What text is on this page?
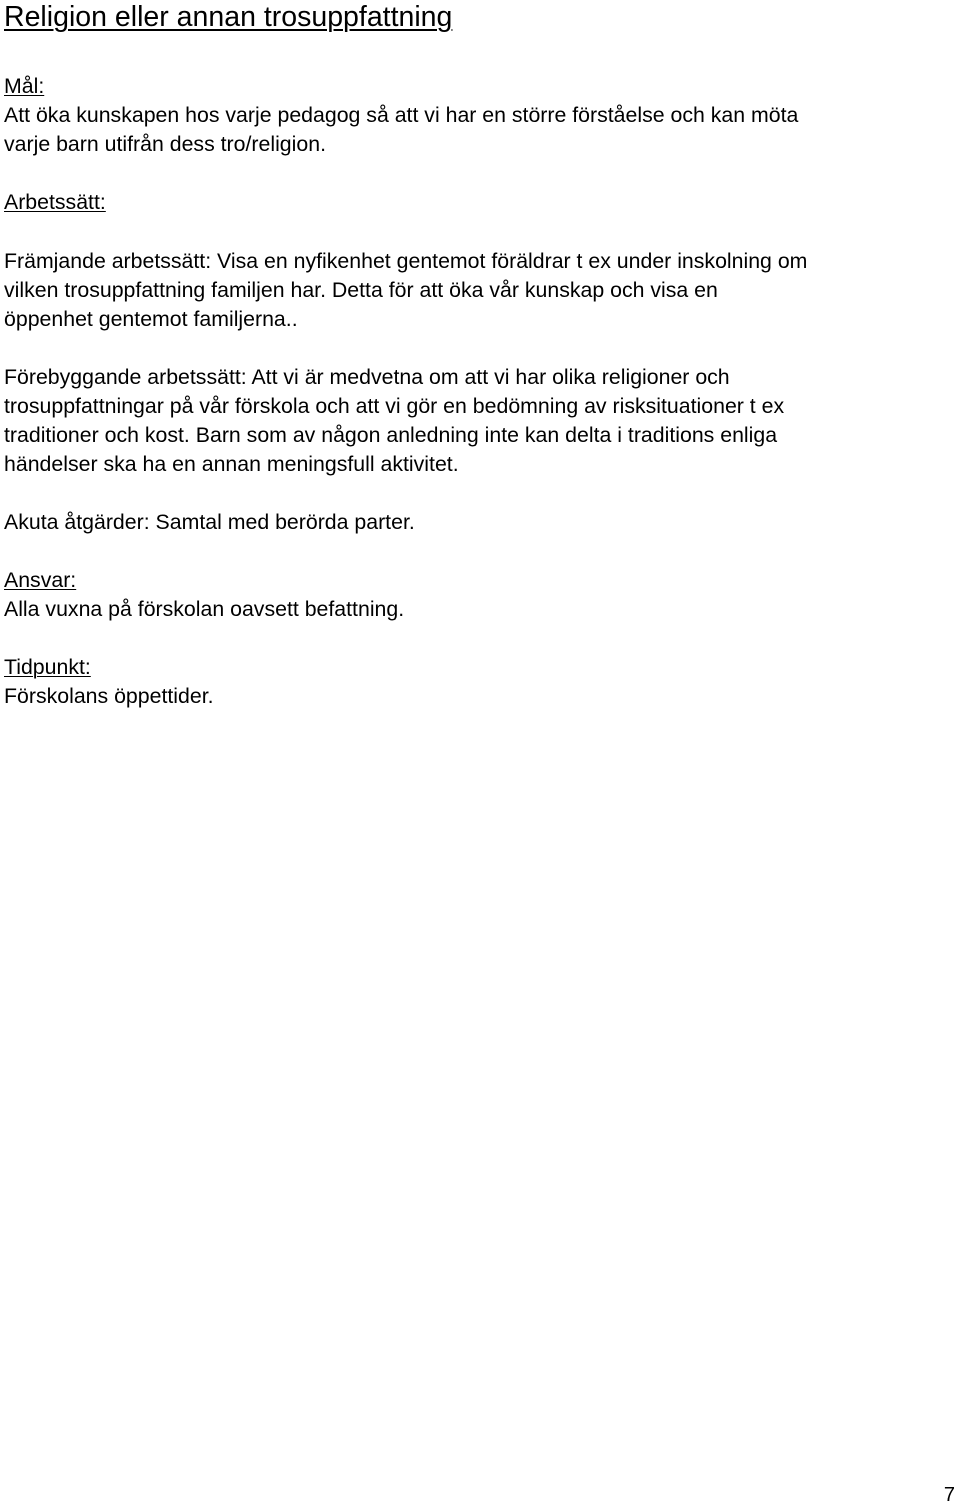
Religion eller annan trosuppfattning
Mål:
Att öka kunskapen hos varje pedagog så att vi har en större förståelse och kan möta
varje barn utifrån dess tro/religion.
Arbetssätt:
Främjande arbetssätt: Visa en nyfikenhet gentemot föräldrar t ex under inskolning om
vilken trosuppfattning familjen har. Detta för att öka vår kunskap och visa en
öppenhet gentemot familjerna..
Förebyggande arbetssätt: Att vi är medvetna om att vi har olika religioner och
trosuppfattningar på vår förskola och att vi gör en bedömning av risksituationer t ex
traditioner och kost. Barn som av någon anledning inte kan delta i traditions enliga
händelser ska ha en annan meningsfull aktivitet.
Akuta åtgärder: Samtal med berörda parter.
Ansvar:
Alla vuxna på förskolan oavsett befattning.
Tidpunkt:
Förskolans öppettider.
7
